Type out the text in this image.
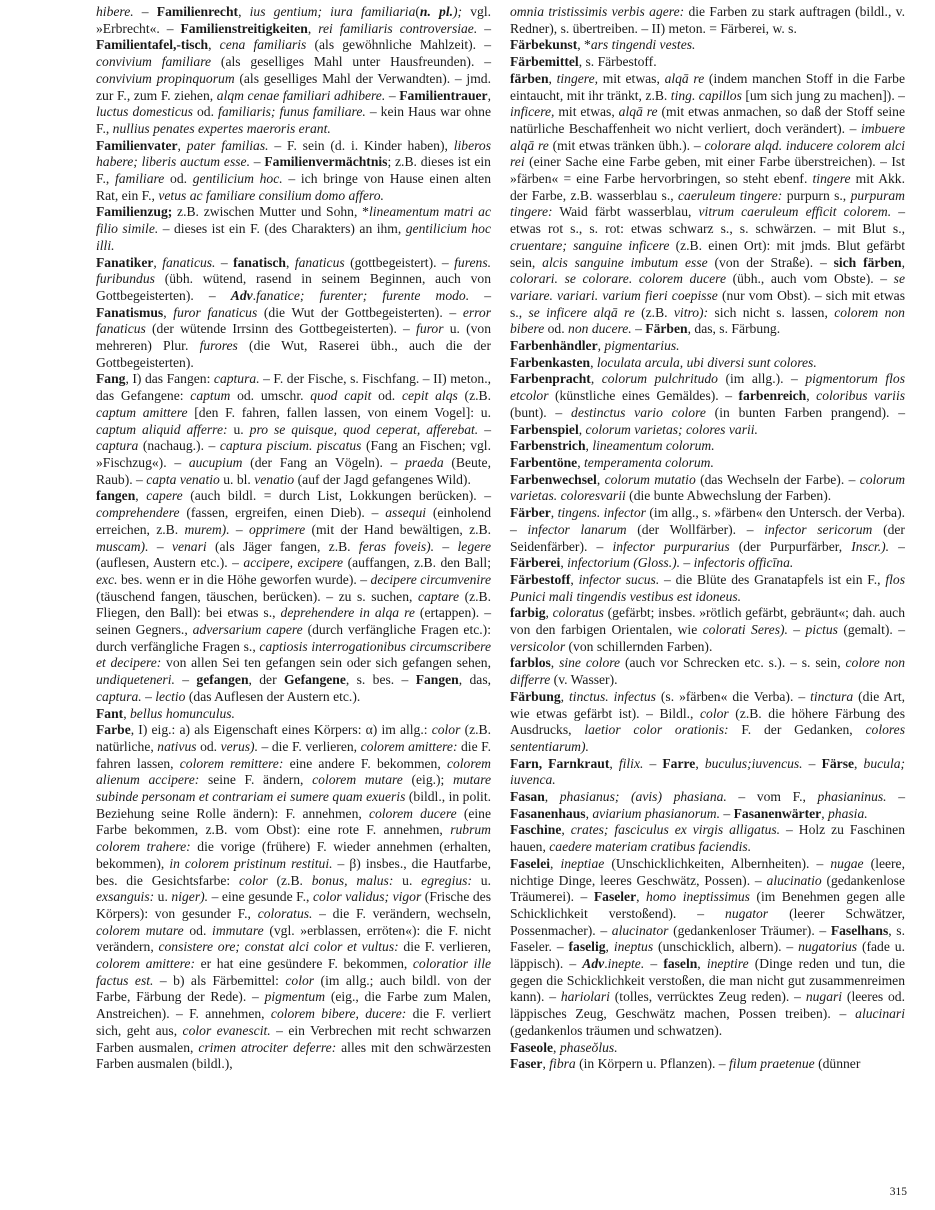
hibere. – Familienrecht, ius gentium; iura familiaria(n. pl.); vgl. »Erbrecht«. – Familienstreitigkeiten, rei familiaris controversiae. – Familientafel,-tisch, cena familiaris (als gewöhnliche Mahlzeit). – convivium familiare (als geselliges Mahl unter Hausfreunden). – convivium propinquorum (als geselliges Mahl der Verwandten). – jmd. zur F., zum F. ziehen, alqm cenae familiari adhibere. – Familientrauer, luctus domesticus od. familiaris; funus familiare. – kein Haus war ohne F., nullius penates expertes maeroris erant.

Familienvater, pater familias. – F. sein (d. i. Kinder haben), liberos habere; liberis auctum esse. – Familienvermächtnis; z.B. dieses ist ein F., familiare od. gentilicium hoc. – ich bringe von Hause einen alten Rat, ein F., vetus ac familiare consilium domo affero.

Familienzug; z.B. zwischen Mutter und Sohn, *lineamentum matri ac filio simile. – dieses ist ein F. (des Charakters) an ihm, gentilicium hoc illi.

Fanatiker, fanaticus. – fanatisch, fanaticus (gottbegeistert). – furens. furibundus (übh. wütend, rasend in seinem Beginnen, auch von Gottbegeisterten). – Adv.fanatice; furenter; furente modo. – Fanatismus, furor fanaticus (die Wut der Gottbegeisterten). – error fanaticus (der wütende Irrsinn des Gottbegeisterten). – furor u. (von mehreren) Plur. furores (die Wut, Raserei übh., auch die der Gottbegeisterten).

Fang, I) das Fangen: captura. – F. der Fische, s. Fischfang. – II) meton., das Gefangene: captum od. umschr. quod capit od. cepit alqs (z.B. captum amittere [den F. fahren, fallen lassen, von einem Vogel]: u. captum aliquid afferre: u. pro se quisque, quod ceperat, afferebat. – captura (nachaug.). – captura piscium. piscatus (Fang an Fischen; vgl. »Fischzug«). – aucupium (der Fang an Vögeln). – praeda (Beute, Raub). – capta venatio u. bl. venatio (auf der Jagd gefangenes Wild).

fangen, capere (auch bildl. = durch List, Lokkungen berücken). – comprehendere (fassen, ergreifen, einen Dieb). – assequi (einholend erreichen, z.B. murem). – opprimere (mit der Hand bewältigen, z.B. muscam). – venari (als Jäger fangen, z.B. feras foveis). – legere (auflesen, Austern etc.). – accipere, excipere (auffangen, z.B. den Ball; exc. bes. wenn er in die Höhe geworfen wurde). – decipere circumvenire (täuschend fangen, täuschen, berücken). – zu s. suchen, captare (z.B. Fliegen, den Ball): bei etwas s., deprehendere in alqa re (ertappen). – seinen Gegners., adversarium capere (durch verfängliche Fragen etc.): durch verfängliche Fragen s., captiosis interrogationibus circumscribere et decipere: von allen Sei ten gefangen sein oder sich gefangen sehen, undiqueteneri. – gefangen, der Gefangene, s. bes. – Fangen, das, captura. – lectio (das Auflesen der Austern etc.).

Fant, bellus homunculus.

Farbe, I) eig.: a) als Eigenschaft eines Körpers: α) im allg.: color (z.B. natürliche, nativus od. verus). – die F. verlieren, colorem amittere: die F. fahren lassen, colorem remittere: eine andere F. bekommen, colorem alienum accipere: seine F. ändern, colorem mutare (eig.); mutare subinde personam et contrariam ei sumere quam exueris (bildl., in polit. Beziehung seine Rolle ändern): F. annehmen, colorem ducere (eine Farbe bekommen, z.B. vom Obst): eine rote F. annehmen, rubrum colorem trahere: die vorige (frühere) F. wieder annehmen (erhalten, bekommen), in colorem pristinum restitui. – β) insbes., die Hautfarbe, bes. die Gesichtsfarbe: color (z.B. bonus, malus: u. egregius: u. exsanguis: u. niger). – eine gesunde F., color validus; vigor (Frische des Körpers): von gesunder F., coloratus. – die F. verändern, wechseln, colorem mutare od. immutare (vgl. »erblassen, erröten«): die F. nicht verändern, consistere ore; constat alci color et vultus: die F. verlieren, colorem amittere: er hat eine gesündere F. bekommen, coloratior ille factus est. – b) als Färbemittel: color (im allg.; auch bildl. von der Farbe, Färbung der Rede). – pigmentum (eig., die Farbe zum Malen, Anstreichen). – F. annehmen, colorem bibere, ducere: die F. verliert sich, geht aus, color evanescit. – ein Verbrechen mit recht schwarzen Farben ausmalen, crimen atrociter deferre: alles mit den schwärzesten Farben ausmalen (bildl.),

omnia tristissimis verbis agere: die Farben zu stark auftragen (bildl., v. Redner), s. übertreiben. – II) meton. = Färberei, w. s.

Färbekunst, *ars tingendi vestes.

Färbemittel, s. Färbestoff.

färben, tingere, mit etwas, alqā re (indem manchen Stoff in die Farbe eintaucht, mit ihr tränkt, z.B. ting. capillos [um sich jung zu machen]). – inficere, mit etwas, alqā re (mit etwas anmachen, so daß der Stoff seine natürliche Beschaffenheit wo nicht verliert, doch verändert). – imbuere alqā re (mit etwas tränken übh.). – colorare alqd. inducere colorem alci rei (einer Sache eine Farbe geben, mit einer Farbe überstreichen). – Ist »färben« = eine Farbe hervorbringen, so steht ebenf. tingere mit Akk. der Farbe, z.B. wasserblau s., caeruleum tingere: purpurn s., purpuram tingere: Waid färbt wasserblau, vitrum caeruleum efficit colorem. – etwas rot s., s. rot: etwas schwarz s., s. schwärzen. – mit Blut s., cruentare; sanguine inficere (z.B. einen Ort): mit jmds. Blut gefärbt sein, alcis sanguine imbutum esse (von der Straße). – sich färben, colorari. se colorare. colorem ducere (übh., auch vom Obste). – se variare. variari. varium fieri coepisse (nur vom Obst). – sich mit etwas s., se inficere alqā re (z.B. vitro): sich nicht s. lassen, colorem non bibere od. non ducere. – Färben, das, s. Färbung.

Farbenhändler, pigmentarius.

Farbenkasten, loculata arcula, ubi diversi sunt colores.

Farbenpracht, colorum pulchritudo (im allg.). – pigmentorum flos etcolor (künstliche eines Gemäldes). – farbenreich, coloribus variis (bunt). – destinctus vario colore (in bunten Farben prangend). – Farbenspiel, colorum varietas; colores varii.

Farbenstrich, lineamentum colorum.

Farbentöne, temperamenta colorum.

Farbenwechsel, colorum mutatio (das Wechseln der Farbe). – colorum varietas. coloresvarii (die bunte Abwechslung der Farben).

Färber, tingens. infector (im allg., s. »färben« den Untersch. der Verba). – infector lanarum (der Wollfärber). – infector sericorum (der Seidenfärber). – infector purpurarius (der Purpurfärber, Inscr.). – Färberei, infectorium (Gloss.). – infectoris officīna.

Färbestoff, infector sucus. – die Blüte des Granatapfels ist ein F., flos Punici mali tingendis vestibus est idoneus.

farbig, coloratus (gefärbt; insbes. »rötlich gefärbt, gebräunt«; dah. auch von den farbigen Orientalen, wie colorati Seres). – pictus (gemalt). – versicolor (von schillernden Farben).

farblos, sine colore (auch vor Schrecken etc. s.). – s. sein, colore non differre (v. Wasser).

Färbung, tinctus. infectus (s. »färben« die Verba). – tinctura (die Art, wie etwas gefärbt ist). – Bildl., color (z.B. die höhere Färbung des Ausdrucks, laetior color orationis: F. der Gedanken, colores sententiarum).

Farn, Farnkraut, filix. – Farre, buculus;iuvencus. – Färse, bucula; iuvenca.

Fasan, phasianus; (avis) phasiana. – vom F., phasianinus. – Fasanenhaus, aviarium phasianorum. – Fasanenwärter, phasia.

Faschine, crates; fasciculus ex virgis alligatus. – Holz zu Faschinen hauen, caedere materiam cratibus faciendis.

Faselei, ineptiae (Unschicklichkeiten, Albernheiten). – nugae (leere, nichtige Dinge, leeres Geschwätz, Possen). – alucinatio (gedankenlose Träumerei). – Faseler, homo ineptissimus (im Benehmen gegen alle Schicklichkeit verstoßend). – nugator (leerer Schwätzer, Possenmacher). – alucinator (gedankenloser Träumer). – Faselhans, s. Faseler. – faselig, ineptus (unschicklich, albern). – nugatorius (fade u. läppisch). – Adv.inepte. – faseln, ineptire (Dinge reden und tun, die gegen die Schicklichkeit verstoßen, die man nicht gut zusammenreimen kann). – hariolari (tolles, verrücktes Zeug reden). – nugari (leeres od. läppisches Zeug, Geschwätz machen, Possen treiben). – alucinari (gedankenlos träumen und schwatzen).

Faseole, phaseŏlus.

Faser, fibra (in Körpern u. Pflanzen). – filum praetenue (dünner

315
